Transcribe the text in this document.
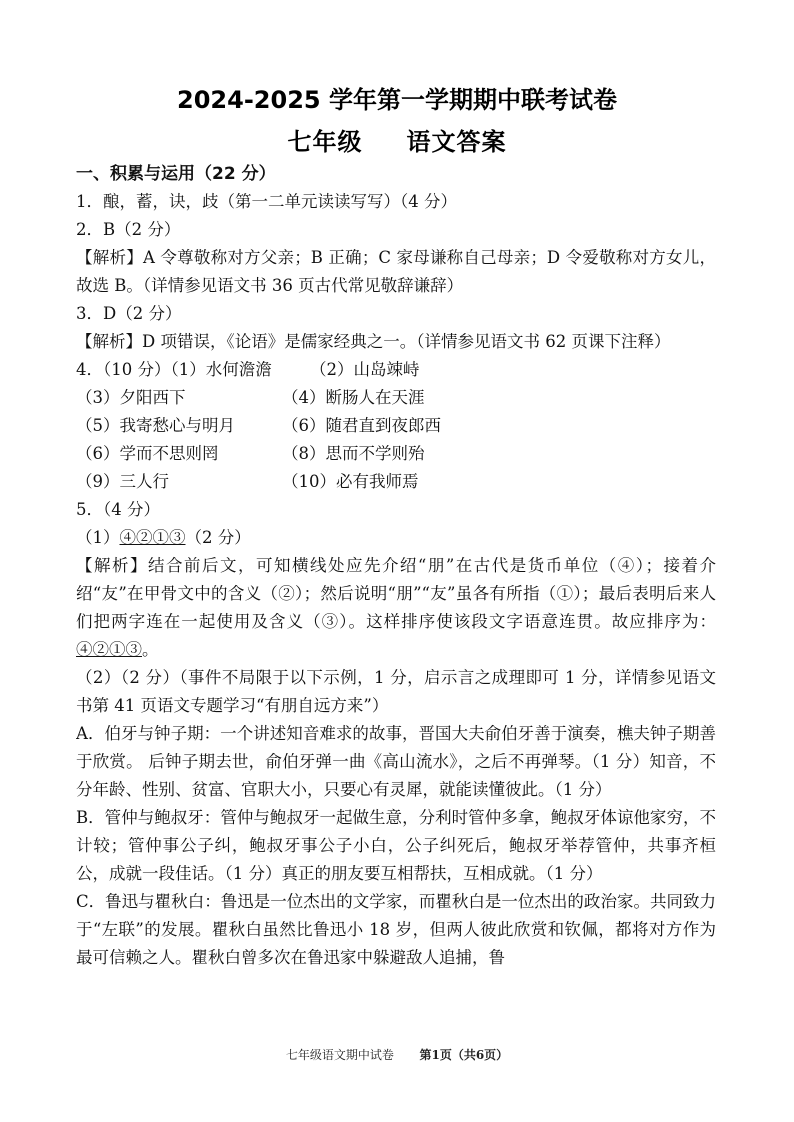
2024-2025 学年第一学期期中联考试卷
七年级 语文答案
一、积累与运用（22 分）
1．酿，蓄，诀，歧（第一二单元读读写写）（4 分）
2．B（2 分）
【解析】A 令尊敬称对方父亲；B 正确；C 家母谦称自己母亲；D 令爱敬称对方女儿，故选 B。（详情参见语文书 36 页古代常见敬辞谦辞）
3．D（2 分）
【解析】D 项错误，《论语》是儒家经典之一。（详情参见语文书 62 页课下注释）
4．（10 分）（1）水何澹澹	（2）山岛竦峙
（3）夕阳西下	（4）断肠人在天涯
（5）我寄愁心与明月	（6）随君直到夜郎西
（6）学而不思则罔	（8）思而不学则殆
（9）三人行	（10）必有我师焉
5．（4 分）
（1）④②①③（2 分）
【解析】结合前后文，可知横线处应先介绍“朋”在古代是货币单位（④）；接着介绍“友”在甲骨文中的含义（②）；然后说明“朋”“友”虽各有所指（①）；最后表明后来人们把两字连在一起使用及含义（③）。这样排序使该段文字语意连贯。故应排序为：④②①③。
（2）（2 分）（事件不局限于以下示例，1 分，启示言之成理即可 1 分，详情参见语文书第 41 页语文专题学习“有朋自远方来”）
A．伯牙与钟子期：一个讲述知音难求的故事，晋国大夫俞伯牙善于演奏，樵夫钟子期善于欣赏。 后钟子期去世，俞伯牙弹一曲《高山流水》，之后不再弹琴。（1 分）知音，不分年龄、性别、贫富、官职大小，只要心有灵犀，就能读懂彼此。（1 分）
B．管仲与鲍叔牙：管仲与鲍叔牙一起做生意，分利时管仲多拿，鲍叔牙体谅他家穷，不计较；管仲事公子纠，鲍叔牙事公子小白，公子纠死后，鲍叔牙举荐管仲，共事齐桓公，成就一段佳话。（1 分）真正的朋友要互相帮扶，互相成就。（1 分）
C．鲁迅与瞿秋白：鲁迅是一位杰出的文学家，而瞿秋白是一位杰出的政治家。共同致力于“左联”的发展。瞿秋白虽然比鲁迅小 18 岁，但两人彼此欣赏和钦佩，都将对方作为最可信赖之人。瞿秋白曾多次在鲁迅家中躲避敌人追捕，鲁
七年级语文期中试卷 第1页（共6页）
